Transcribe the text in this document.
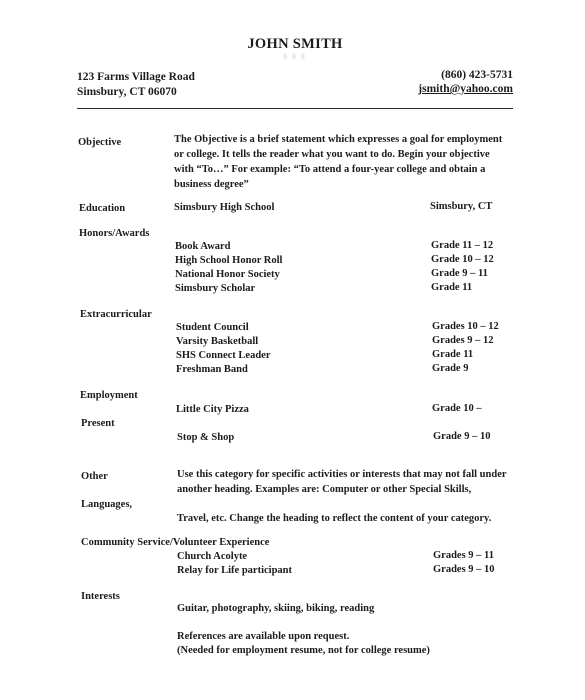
JOHN SMITH
▒ ▒ ▒
123 Farms Village Road
Simsbury, CT 06070
(860) 423-5731
jsmith@yahoo.com
Objective	The Objective is a brief statement which expresses a goal for employment
or college. It tells the reader what you want to do. Begin your objective
with “To…” For example: “To attend a four-year college and obtain a
business degree”
Education	Simsbury High School	Simsbury, CT
Honors/Awards
Book Award	Grade 11 – 12
High School Honor Roll	Grade 10 – 12
National Honor Society	Grade 9 – 11
Simsbury Scholar	Grade 11
Extracurricular
Student Council	Grades 10 – 12
Varsity Basketball	Grades 9 – 12
SHS Connect Leader	Grade 11
Freshman Band	Grade 9
Employment
Little City Pizza	Grade 10 –
Present
Stop & Shop	Grade 9 – 10
Other	Use this category for specific activities or interests that may not fall under
another heading. Examples are: Computer or other Special Skills,
Languages,
Travel, etc. Change the heading to reflect the content of your category.
Community Service/Volunteer Experience
Church Acolyte	Grades 9 – 11
Relay for Life participant	Grades 9 – 10
Interests
Guitar, photography, skiing, biking, reading
References are available upon request.
(Needed for employment resume, not for college resume)
